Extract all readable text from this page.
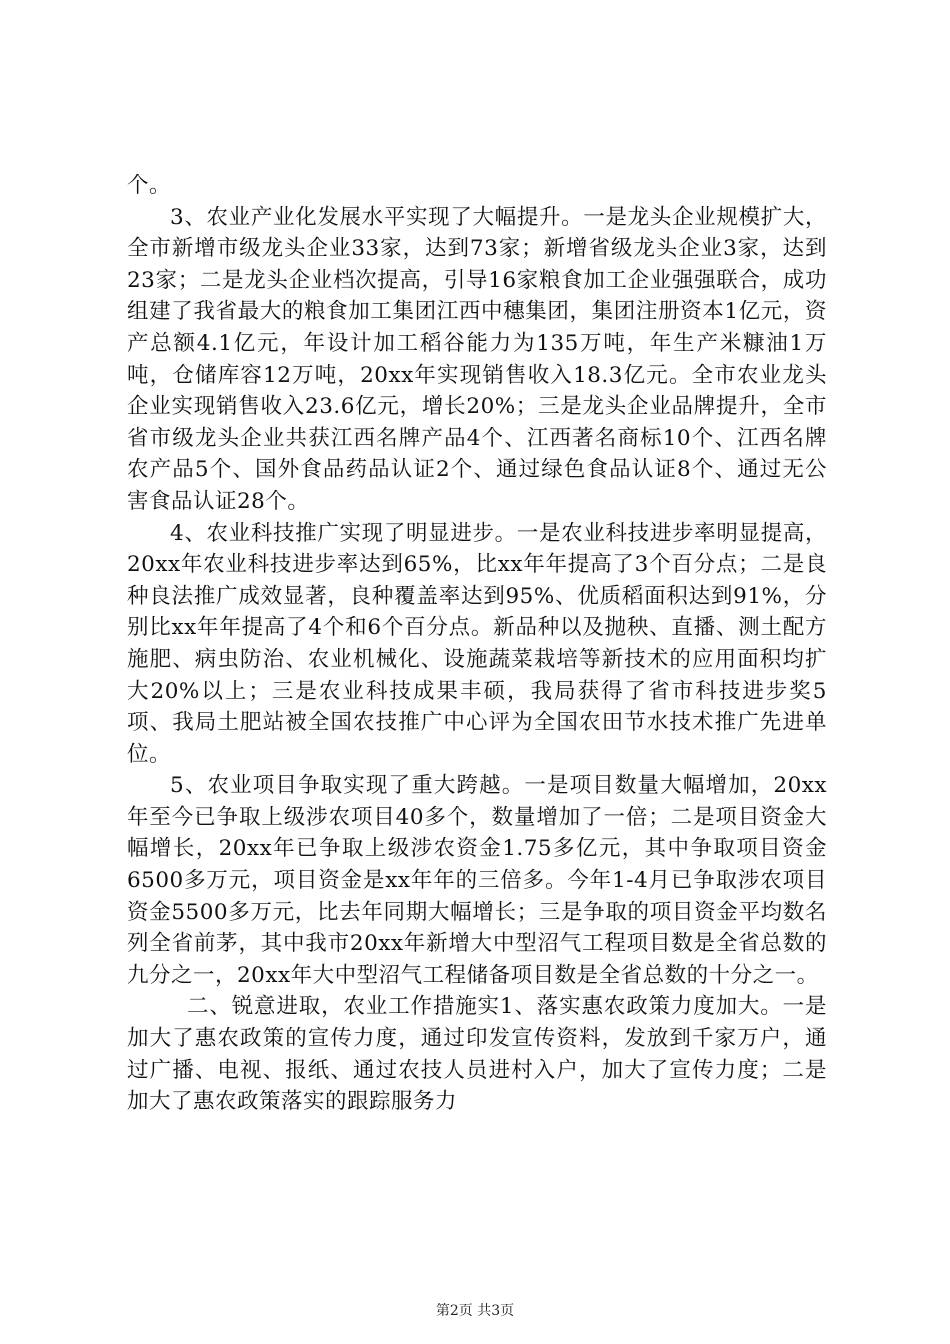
个。

3、农业产业化发展水平实现了大幅提升。一是龙头企业规模扩大，全市新增市级龙头企业33家，达到73家；新增省级龙头企业3家，达到23家；二是龙头企业档次提高，引导16家粮食加工企业强强联合，成功组建了我省最大的粮食加工集团江西中穗集团，集团注册资本1亿元，资产总额4.1亿元，年设计加工稻谷能力为135万吨，年生产米糠油1万吨，仓储库容12万吨，20xx年实现销售收入18.3亿元。全市农业龙头企业实现销售收入23.6亿元，增长20%；三是龙头企业品牌提升，全市省市级龙头企业共获江西名牌产品4个、江西著名商标10个、江西名牌农产品5个、国外食品药品认证2个、通过绿色食品认证8个、通过无公害食品认证28个。

4、农业科技推广实现了明显进步。一是农业科技进步率明显提高，20xx年农业科技进步率达到65%，比xx年年提高了3个百分点；二是良种良法推广成效显著，良种覆盖率达到95%、优质稻面积达到91%，分别比xx年年提高了4个和6个百分点。新品种以及抛秧、直播、测土配方施肥、病虫防治、农业机械化、设施蔬菜栽培等新技术的应用面积均扩大20%以上；三是农业科技成果丰硕，我局获得了省市科技进步奖5项、我局土肥站被全国农技推广中心评为全国农田节水技术推广先进单位。

5、农业项目争取实现了重大跨越。一是项目数量大幅增加，20xx年至今已争取上级涉农项目40多个，数量增加了一倍；二是项目资金大幅增长，20xx年已争取上级涉农资金1.75多亿元，其中争取项目资金6500多万元，项目资金是xx年年的三倍多。今年1-4月已争取涉农项目资金5500多万元，比去年同期大幅增长；三是争取的项目资金平均数名列全省前茅，其中我市20xx年新增大中型沼气工程项目数是全省总数的九分之一，20xx年大中型沼气工程储备项目数是全省总数的十分之一。

二、锐意进取，农业工作措施实1、落实惠农政策力度加大。一是加大了惠农政策的宣传力度，通过印发宣传资料，发放到千家万户，通过广播、电视、报纸、通过农技人员进村入户，加大了宣传力度；二是加大了惠农政策落实的跟踪服务力

第2页 共3页
